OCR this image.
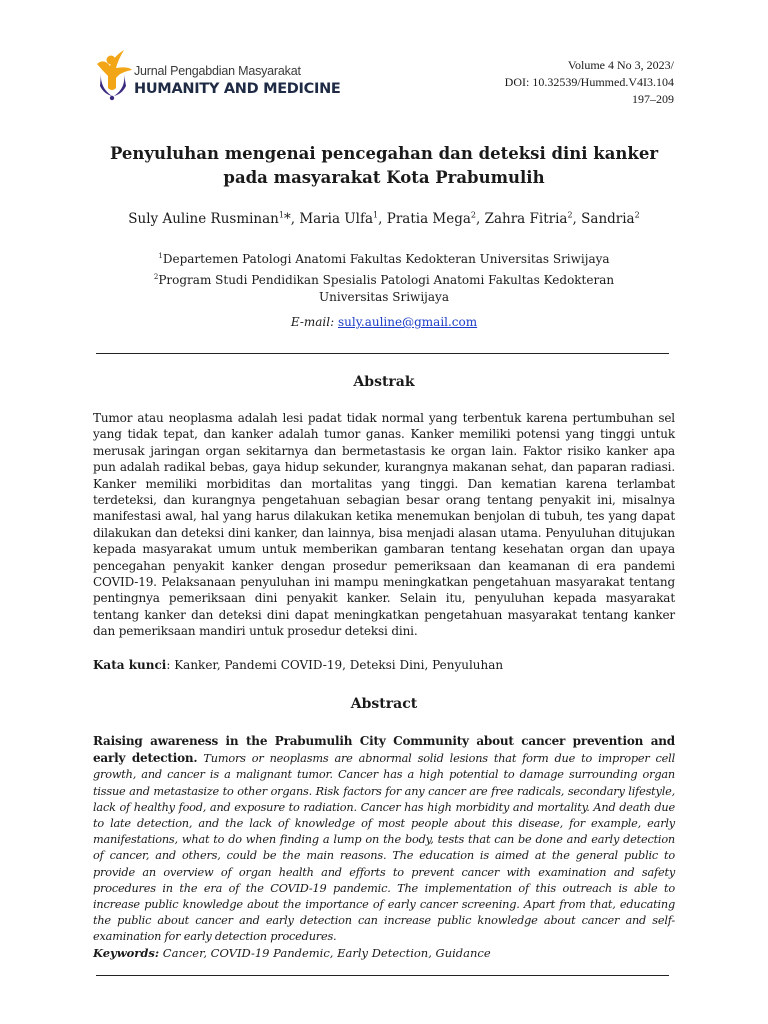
Jurnal Pengabdian Masyarakat
HUMANITY AND MEDICINE
Volume 4 No 3, 2023/
DOI: 10.32539/Hummed.V4I3.104
197–209
Penyuluhan mengenai pencegahan dan deteksi dini kanker pada masyarakat Kota Prabumulih
Suly Auline Rusminan$^1$*, Maria Ulfa$^1$, Pratia Mega$^2$, Zahra Fitria$^2$, Sandria$^2$
$^1$Departemen Patologi Anatomi Fakultas Kedokteran Universitas Sriwijaya
$^2$Program Studi Pendidikan Spesialis Patologi Anatomi Fakultas Kedokteran Universitas Sriwijaya
E-mail: suly.auline@gmail.com
Abstrak
Tumor atau neoplasma adalah lesi padat tidak normal yang terbentuk karena pertumbuhan sel yang tidak tepat, dan kanker adalah tumor ganas. Kanker memiliki potensi yang tinggi untuk merusak jaringan organ sekitarnya dan bermetastasis ke organ lain. Faktor risiko kanker apa pun adalah radikal bebas, gaya hidup sekunder, kurangnya makanan sehat, dan paparan radiasi. Kanker memiliki morbiditas dan mortalitas yang tinggi. Dan kematian karena terlambat terdeteksi, dan kurangnya pengetahuan sebagian besar orang tentang penyakit ini, misalnya manifestasi awal, hal yang harus dilakukan ketika menemukan benjolan di tubuh, tes yang dapat dilakukan dan deteksi dini kanker, dan lainnya, bisa menjadi alasan utama. Penyuluhan ditujukan kepada masyarakat umum untuk memberikan gambaran tentang kesehatan organ dan upaya pencegahan penyakit kanker dengan prosedur pemeriksaan dan keamanan di era pandemi COVID-19. Pelaksanaan penyuluhan ini mampu meningkatkan pengetahuan masyarakat tentang pentingnya pemeriksaan dini penyakit kanker. Selain itu, penyuluhan kepada masyarakat tentang kanker dan deteksi dini dapat meningkatkan pengetahuan masyarakat tentang kanker dan pemeriksaan mandiri untuk prosedur deteksi dini.
Kata kunci: Kanker, Pandemi COVID-19, Deteksi Dini, Penyuluhan
Abstract
Raising awareness in the Prabumulih City Community about cancer prevention and early detection. Tumors or neoplasms are abnormal solid lesions that form due to improper cell growth, and cancer is a malignant tumor. Cancer has a high potential to damage surrounding organ tissue and metastasize to other organs. Risk factors for any cancer are free radicals, secondary lifestyle, lack of healthy food, and exposure to radiation. Cancer has high morbidity and mortality. And death due to late detection, and the lack of knowledge of most people about this disease, for example, early manifestations, what to do when finding a lump on the body, tests that can be done and early detection of cancer, and others, could be the main reasons. The education is aimed at the general public to provide an overview of organ health and efforts to prevent cancer with examination and safety procedures in the era of the COVID-19 pandemic. The implementation of this outreach is able to increase public knowledge about the importance of early cancer screening. Apart from that, educating the public about cancer and early detection can increase public knowledge about cancer and self-examination for early detection procedures.
Keywords: Cancer, COVID-19 Pandemic, Early Detection, Guidance
